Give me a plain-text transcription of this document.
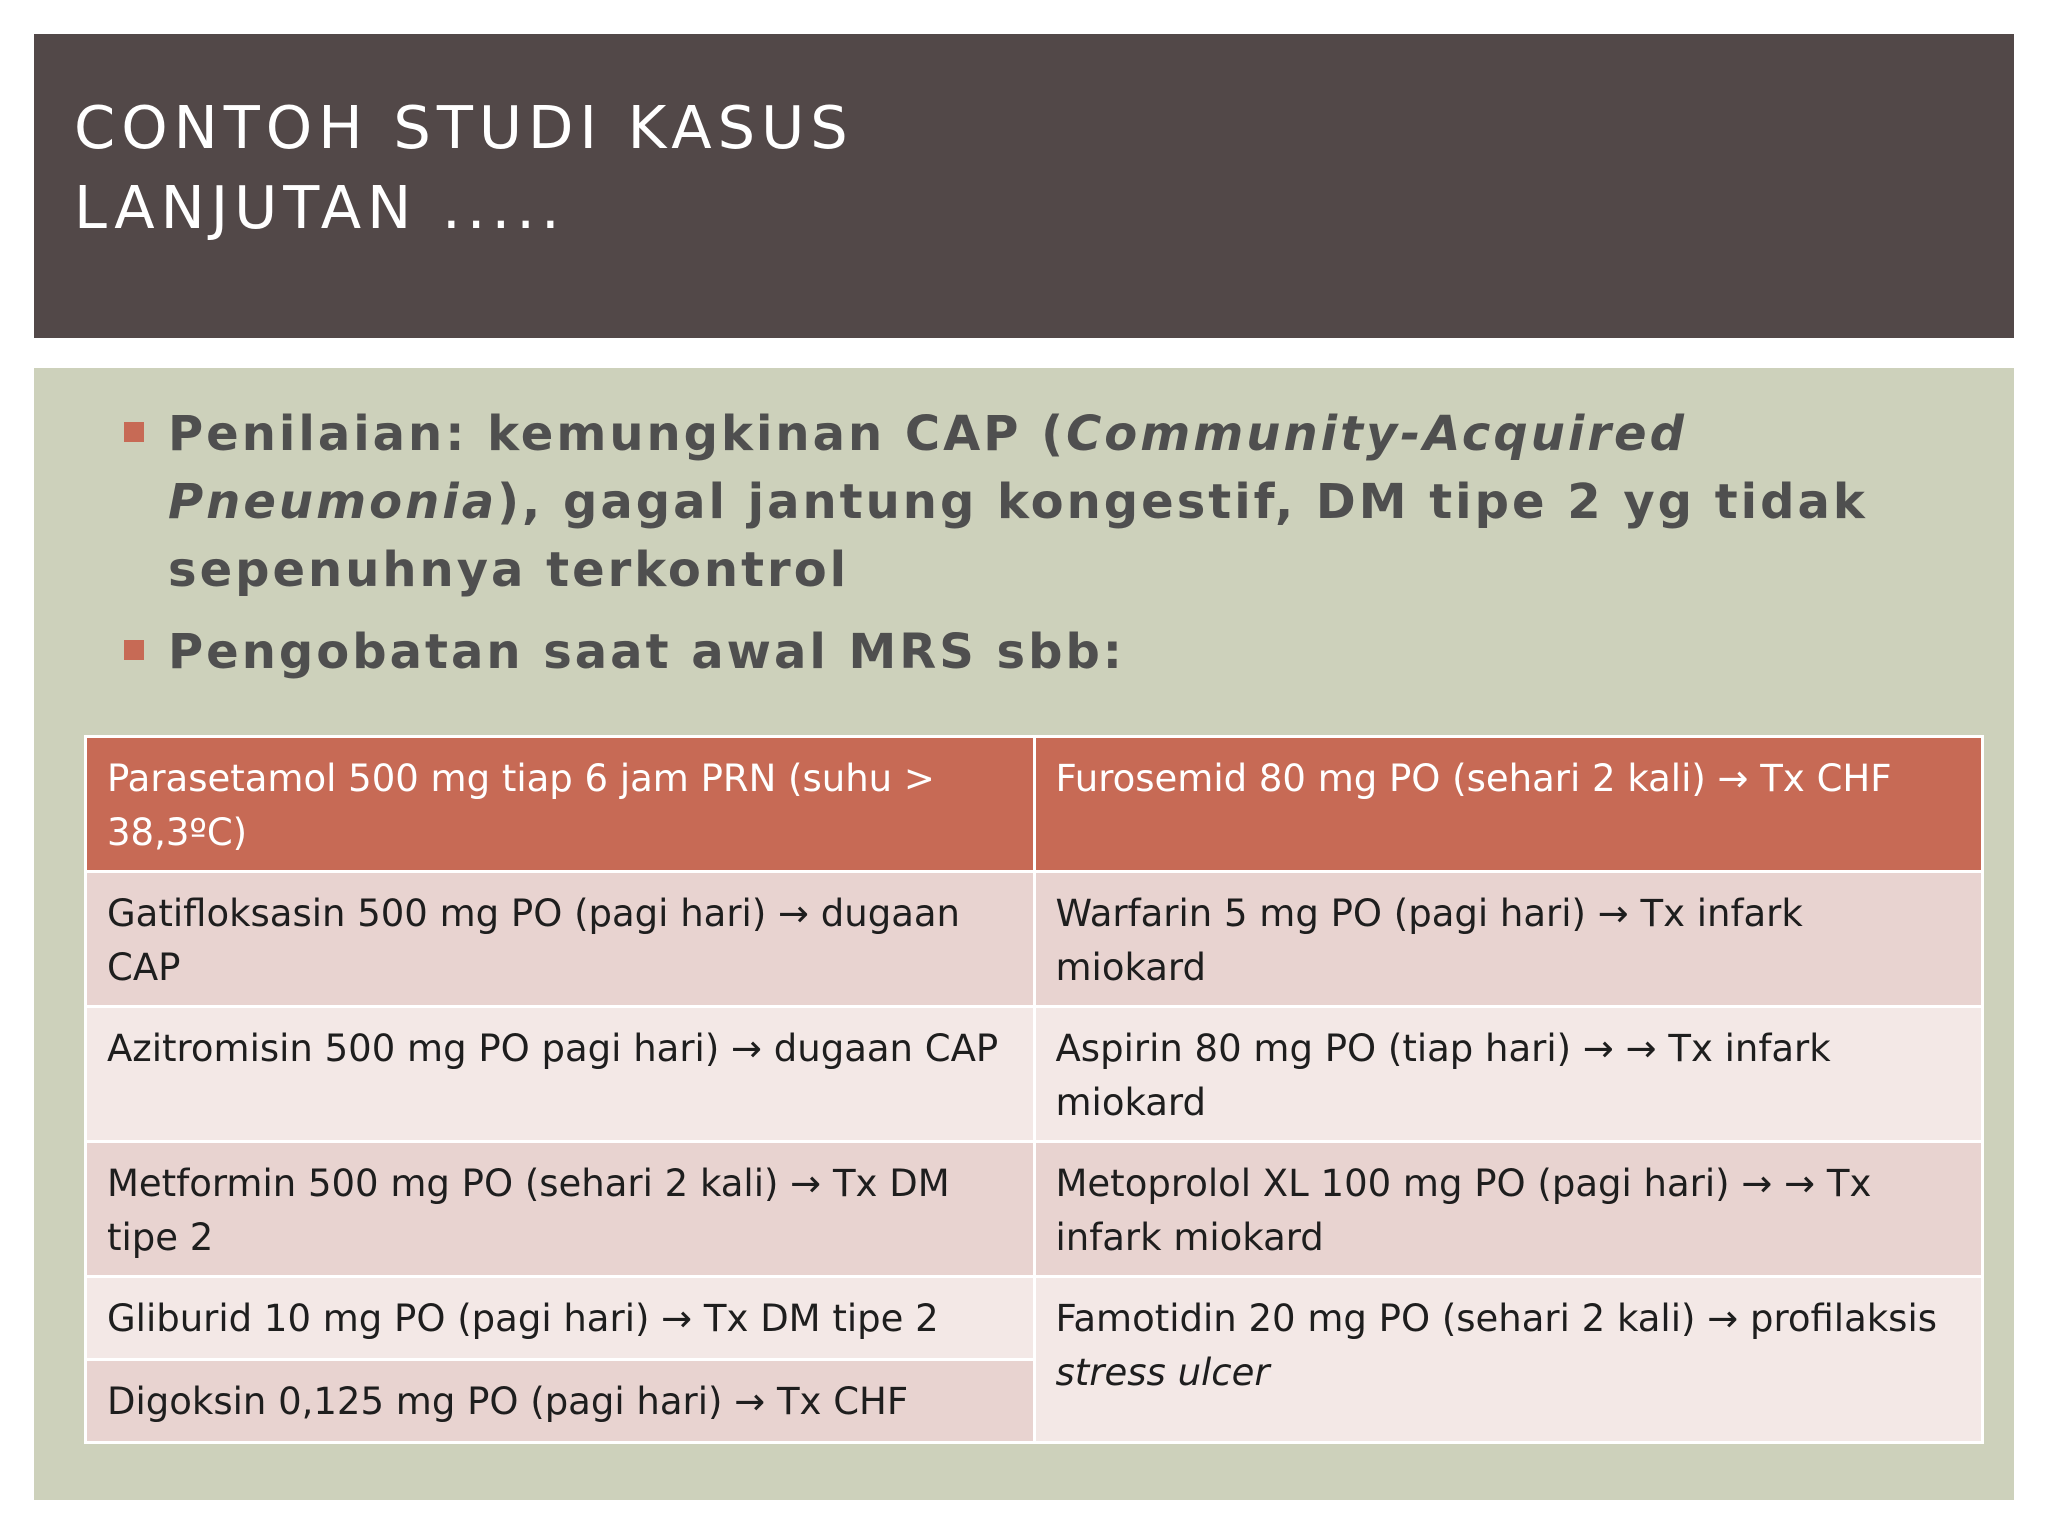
CONTOH STUDI KASUS
LANJUTAN .....
Penilaian: kemungkinan CAP (Community-Acquired Pneumonia), gagal jantung kongestif, DM tipe 2 yg tidak sepenuhnya terkontrol
Pengobatan saat awal MRS sbb:
Parasetamol 500 mg tiap 6 jam PRN (suhu > 38,3ºC)	Furosemid 80 mg PO (sehari 2 kali) → Tx CHF
Gatifloksasin 500 mg PO (pagi hari) → dugaan CAP	Warfarin 5 mg PO (pagi hari) → Tx infark miokard
Azitromisin 500 mg PO pagi hari) → dugaan CAP	Aspirin 80 mg PO (tiap hari) → → Tx infark miokard
Metformin 500 mg PO (sehari 2 kali) → Tx DM tipe 2	Metoprolol XL 100 mg PO (pagi hari) → → Tx infark miokard
Gliburid 10 mg PO (pagi hari) → Tx DM tipe 2	Famotidin 20 mg PO (sehari 2 kali) → profilaksis stress ulcer
Digoksin 0,125 mg PO (pagi hari) → Tx CHF	
